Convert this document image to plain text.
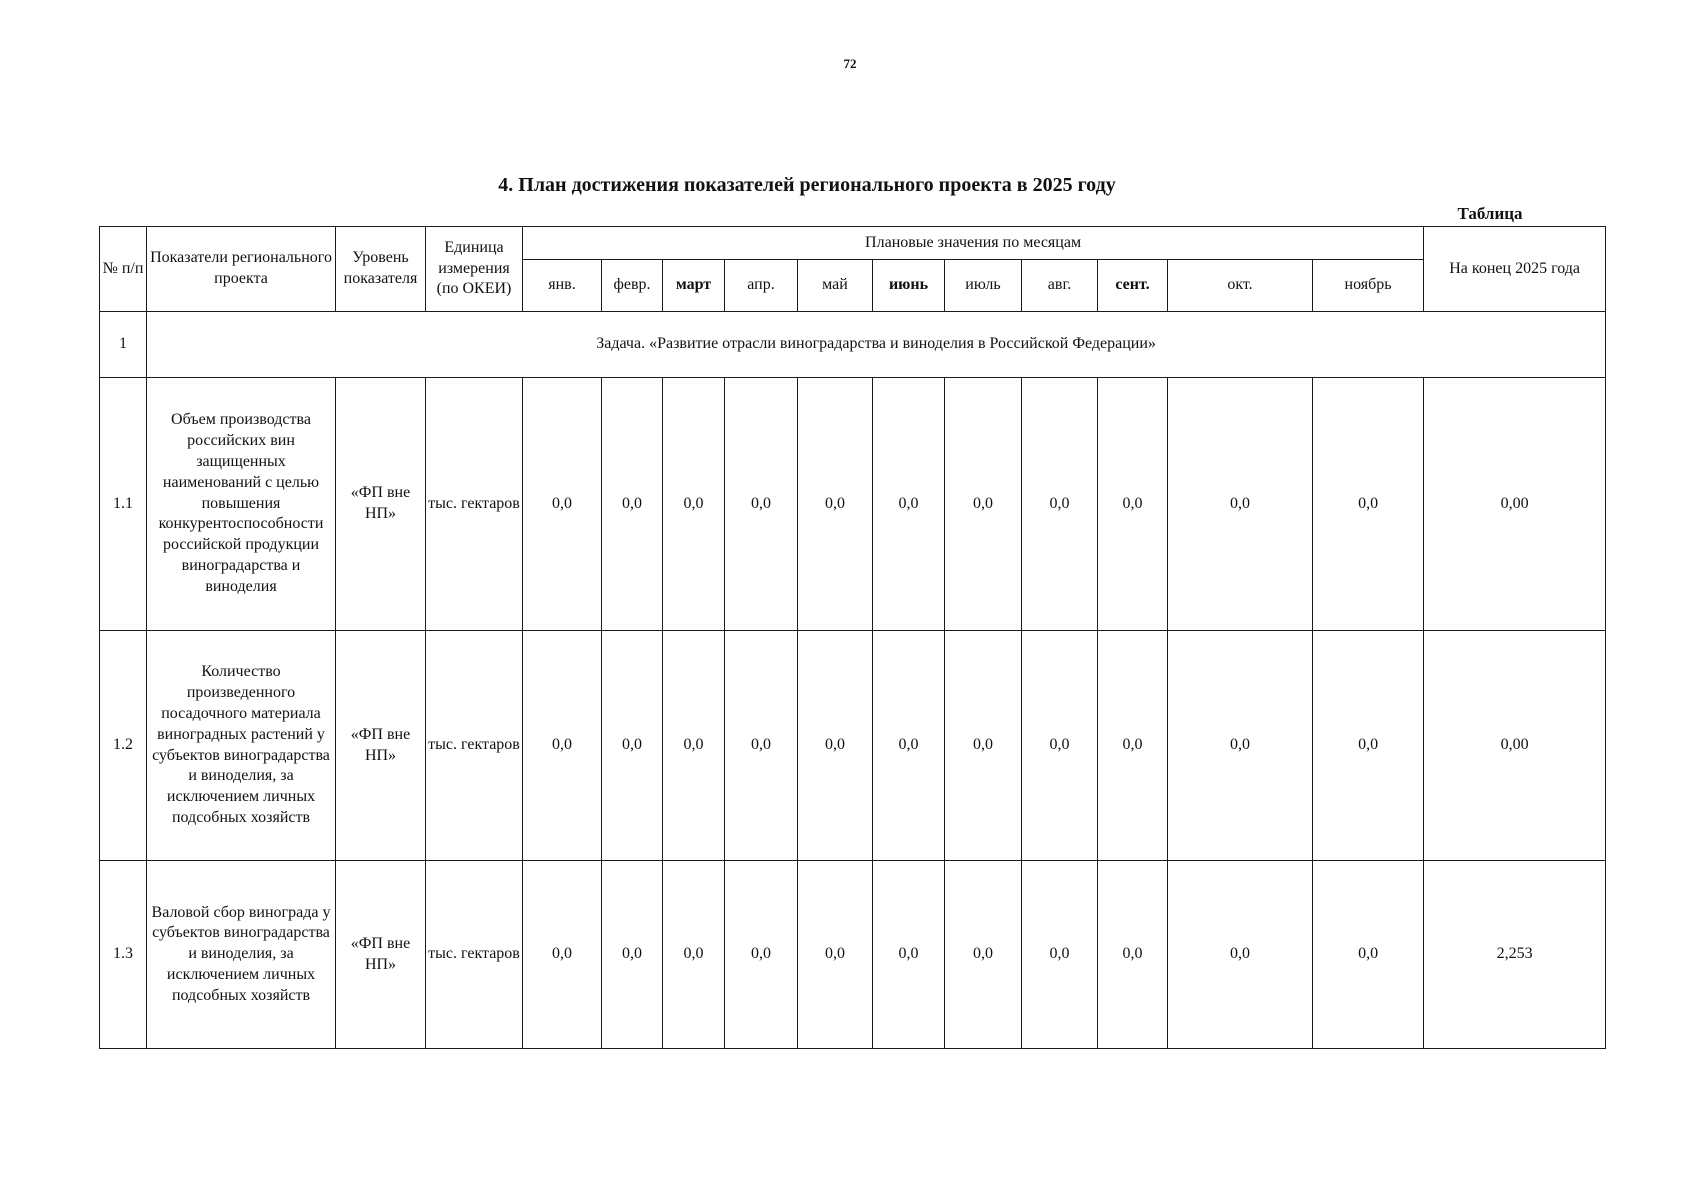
72
4. План достижения показателей регионального проекта в 2025 году
Таблица
№ п/п	Показатели регионального проекта	Уровень показателя	Единица измерения (по ОКЕИ)	Плановые значения по месяцам											На конец 2025 года
				янв.	февр.	март	апр.	май	июнь	июль	авг.	сент.	окт.	ноябрь	
1	Задача. «Развитие отрасли виноградарства и виноделия в Российской Федерации»														
1.1	Объем производства российских вин защищенных наименований с целью повышения конкурентоспособности российской продукции виноградарства и виноделия	«ФП вне НП»	тыс. гектаров	0,0	0,0	0,0	0,0	0,0	0,0	0,0	0,0	0,0	0,0	0,0	0,00
1.2	Количество произведенного посадочного материала виноградных растений у субъектов виноградарства и виноделия, за исключением личных подсобных хозяйств	«ФП вне НП»	тыс. гектаров	0,0	0,0	0,0	0,0	0,0	0,0	0,0	0,0	0,0	0,0	0,0	0,00
1.3	Валовой сбор винограда у субъектов виноградарства и виноделия, за исключением личных подсобных хозяйств	«ФП вне НП»	тыс. гектаров	0,0	0,0	0,0	0,0	0,0	0,0	0,0	0,0	0,0	0,0	0,0	2,253
